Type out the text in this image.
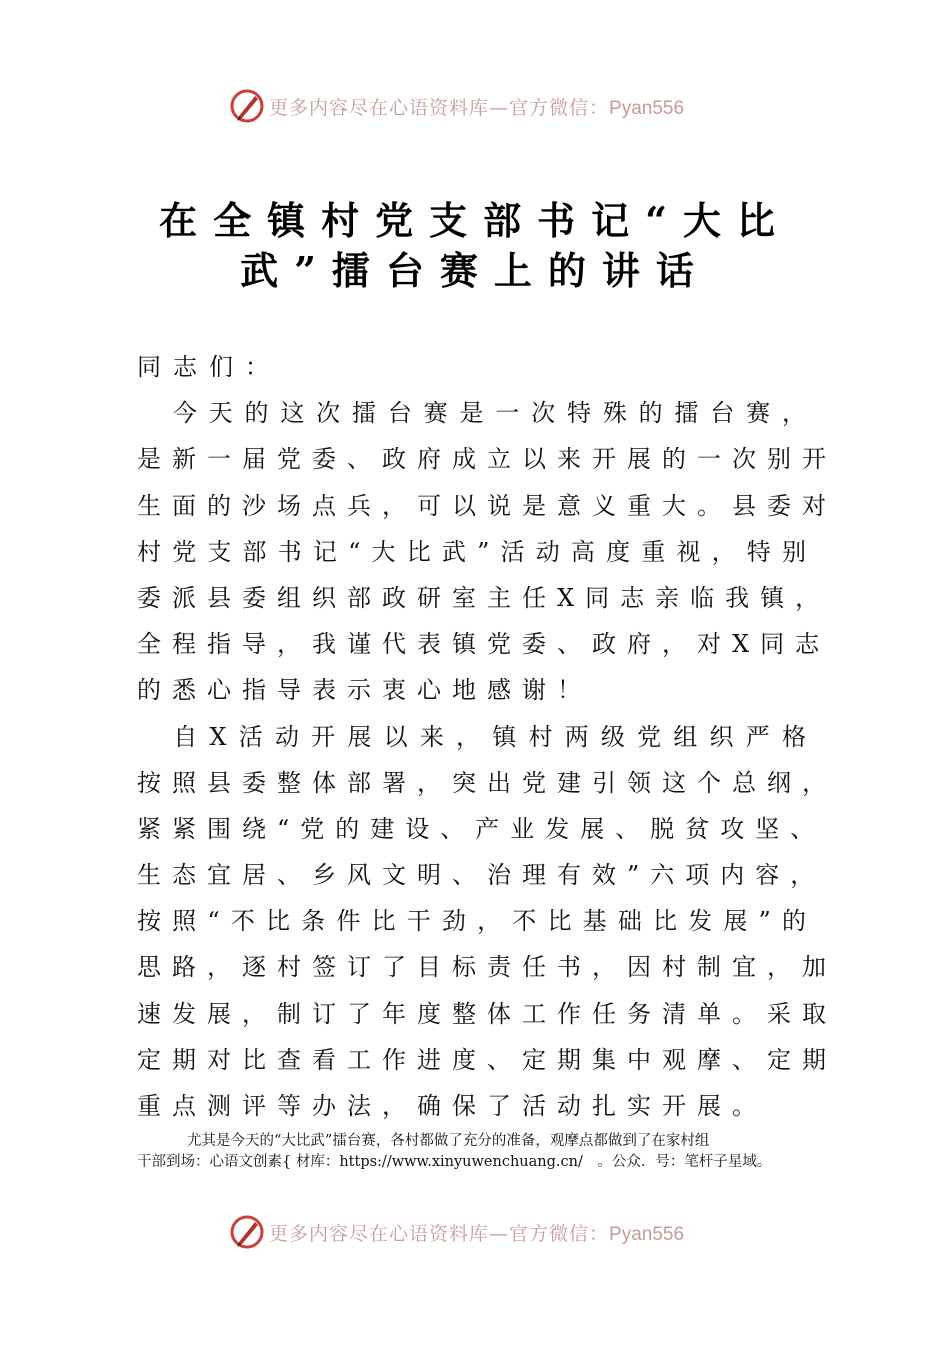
更多内容尽在心语资料库—官方微信：Pyan556
在全镇村党支部书记“大比
武”擂台赛上的讲话
同志们：
　今天的这次擂台赛是一次特殊的擂台赛，
是新一届党委、政府成立以来开展的一次别开
生面的沙场点兵，可以说是意义重大。县委对
村党支部书记“大比武”活动高度重视，特别
委派县委组织部政研室主任X同志亲临我镇，
全程指导，我谨代表镇党委、政府，对X同志
的悉心指导表示衷心地感谢！
　自X活动开展以来，镇村两级党组织严格
按照县委整体部署，突出党建引领这个总纲，
紧紧围绕“党的建设、产业发展、脱贫攻坚、
生态宜居、乡风文明、治理有效”六项内容，
按照“不比条件比干劲，不比基础比发展”的
思路，逐村签订了目标责任书，因村制宜，加
速发展，制订了年度整体工作任务清单。采取
定期对比查看工作进度、定期集中观摩、定期
重点测评等办法，确保了活动扎实开展。
尤其是今天的“大比武”擂台赛，各村都做了充分的准备，观摩点都做到了在家村组
干部到场：心语文创素{ 材库：https://www.xinyuwenchuang.cn/　。公众．号：笔杆子星域。
更多内容尽在心语资料库—官方微信：Pyan556
